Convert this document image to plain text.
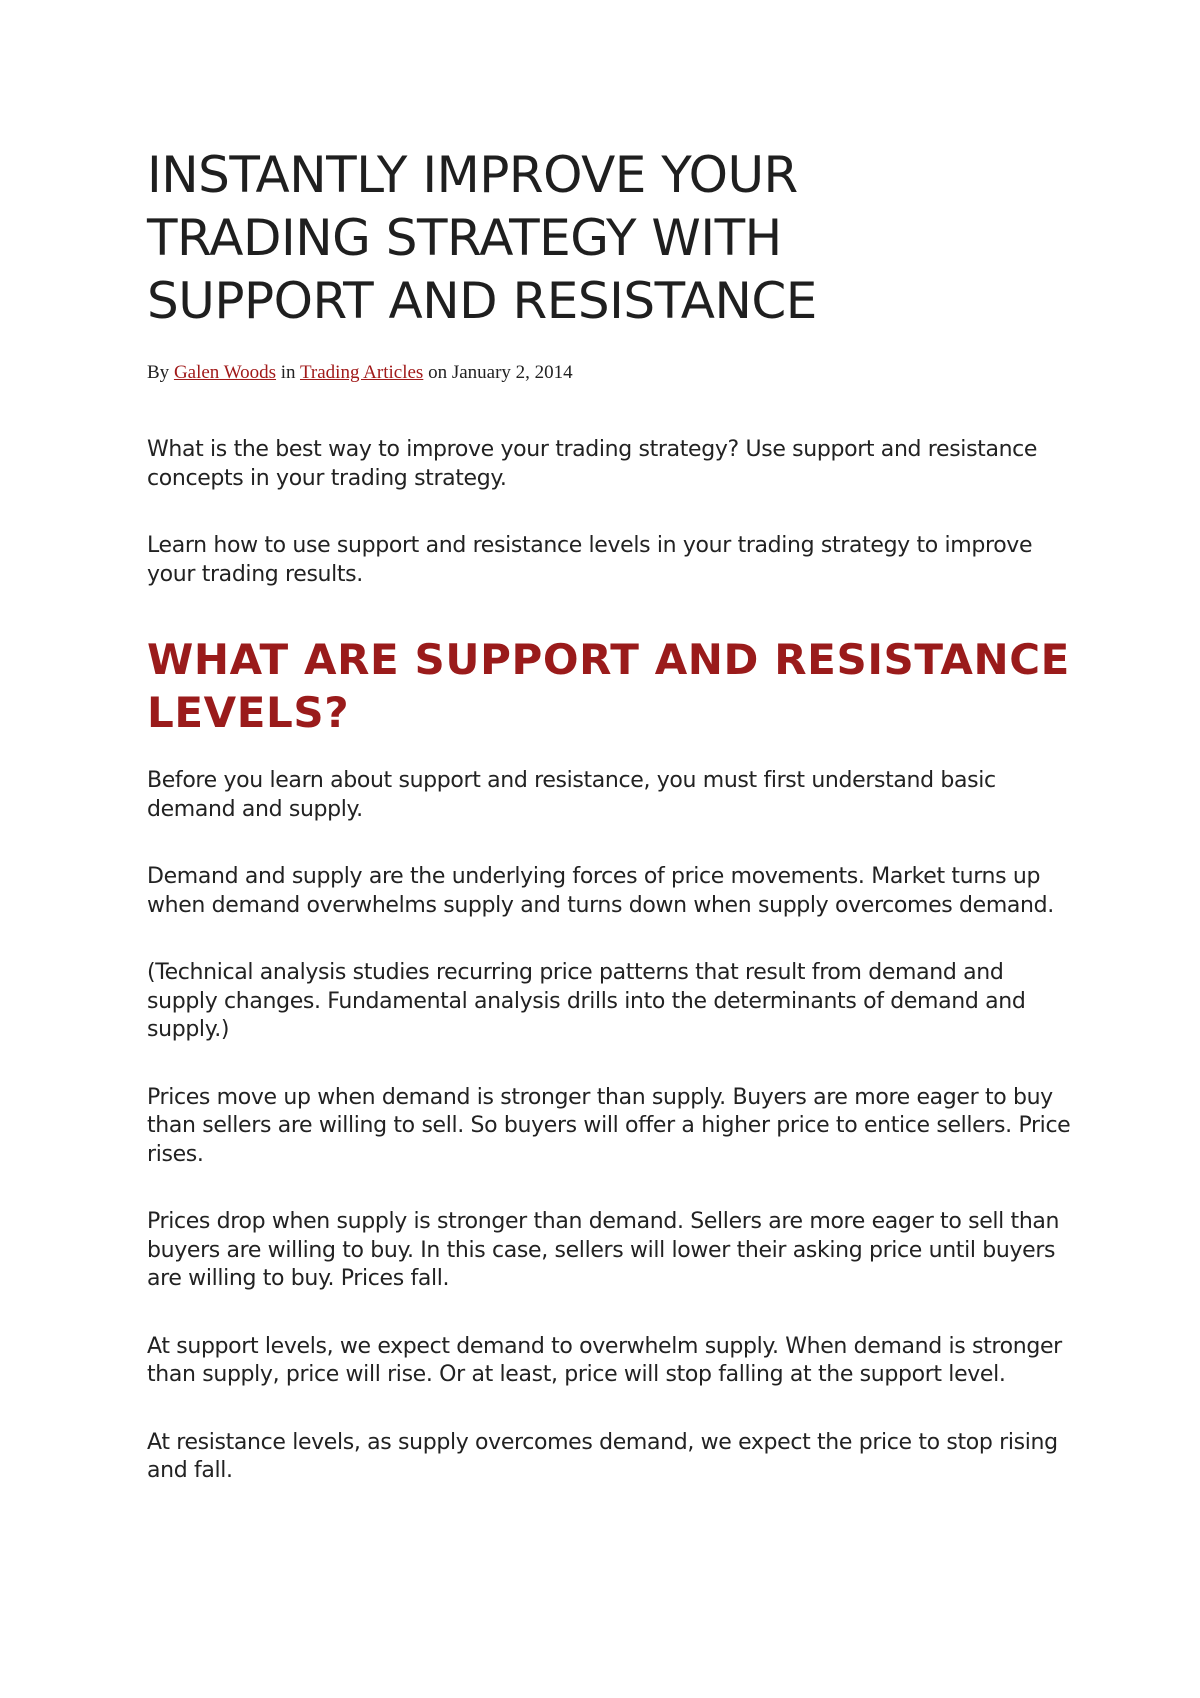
INSTANTLY IMPROVE YOUR TRADING STRATEGY WITH SUPPORT AND RESISTANCE

By Galen Woods in Trading Articles on January 2, 2014

What is the best way to improve your trading strategy? Use support and resistance concepts in your trading strategy.

Learn how to use support and resistance levels in your trading strategy to improve your trading results.

WHAT ARE SUPPORT AND RESISTANCE LEVELS?

Before you learn about support and resistance, you must first understand basic demand and supply.

Demand and supply are the underlying forces of price movements. Market turns up when demand overwhelms supply and turns down when supply overcomes demand.

(Technical analysis studies recurring price patterns that result from demand and supply changes. Fundamental analysis drills into the determinants of demand and supply.)

Prices move up when demand is stronger than supply. Buyers are more eager to buy than sellers are willing to sell. So buyers will offer a higher price to entice sellers. Price rises.

Prices drop when supply is stronger than demand. Sellers are more eager to sell than buyers are willing to buy. In this case, sellers will lower their asking price until buyers are willing to buy. Prices fall.

At support levels, we expect demand to overwhelm supply. When demand is stronger than supply, price will rise. Or at least, price will stop falling at the support level.

At resistance levels, as supply overcomes demand, we expect the price to stop rising and fall.
